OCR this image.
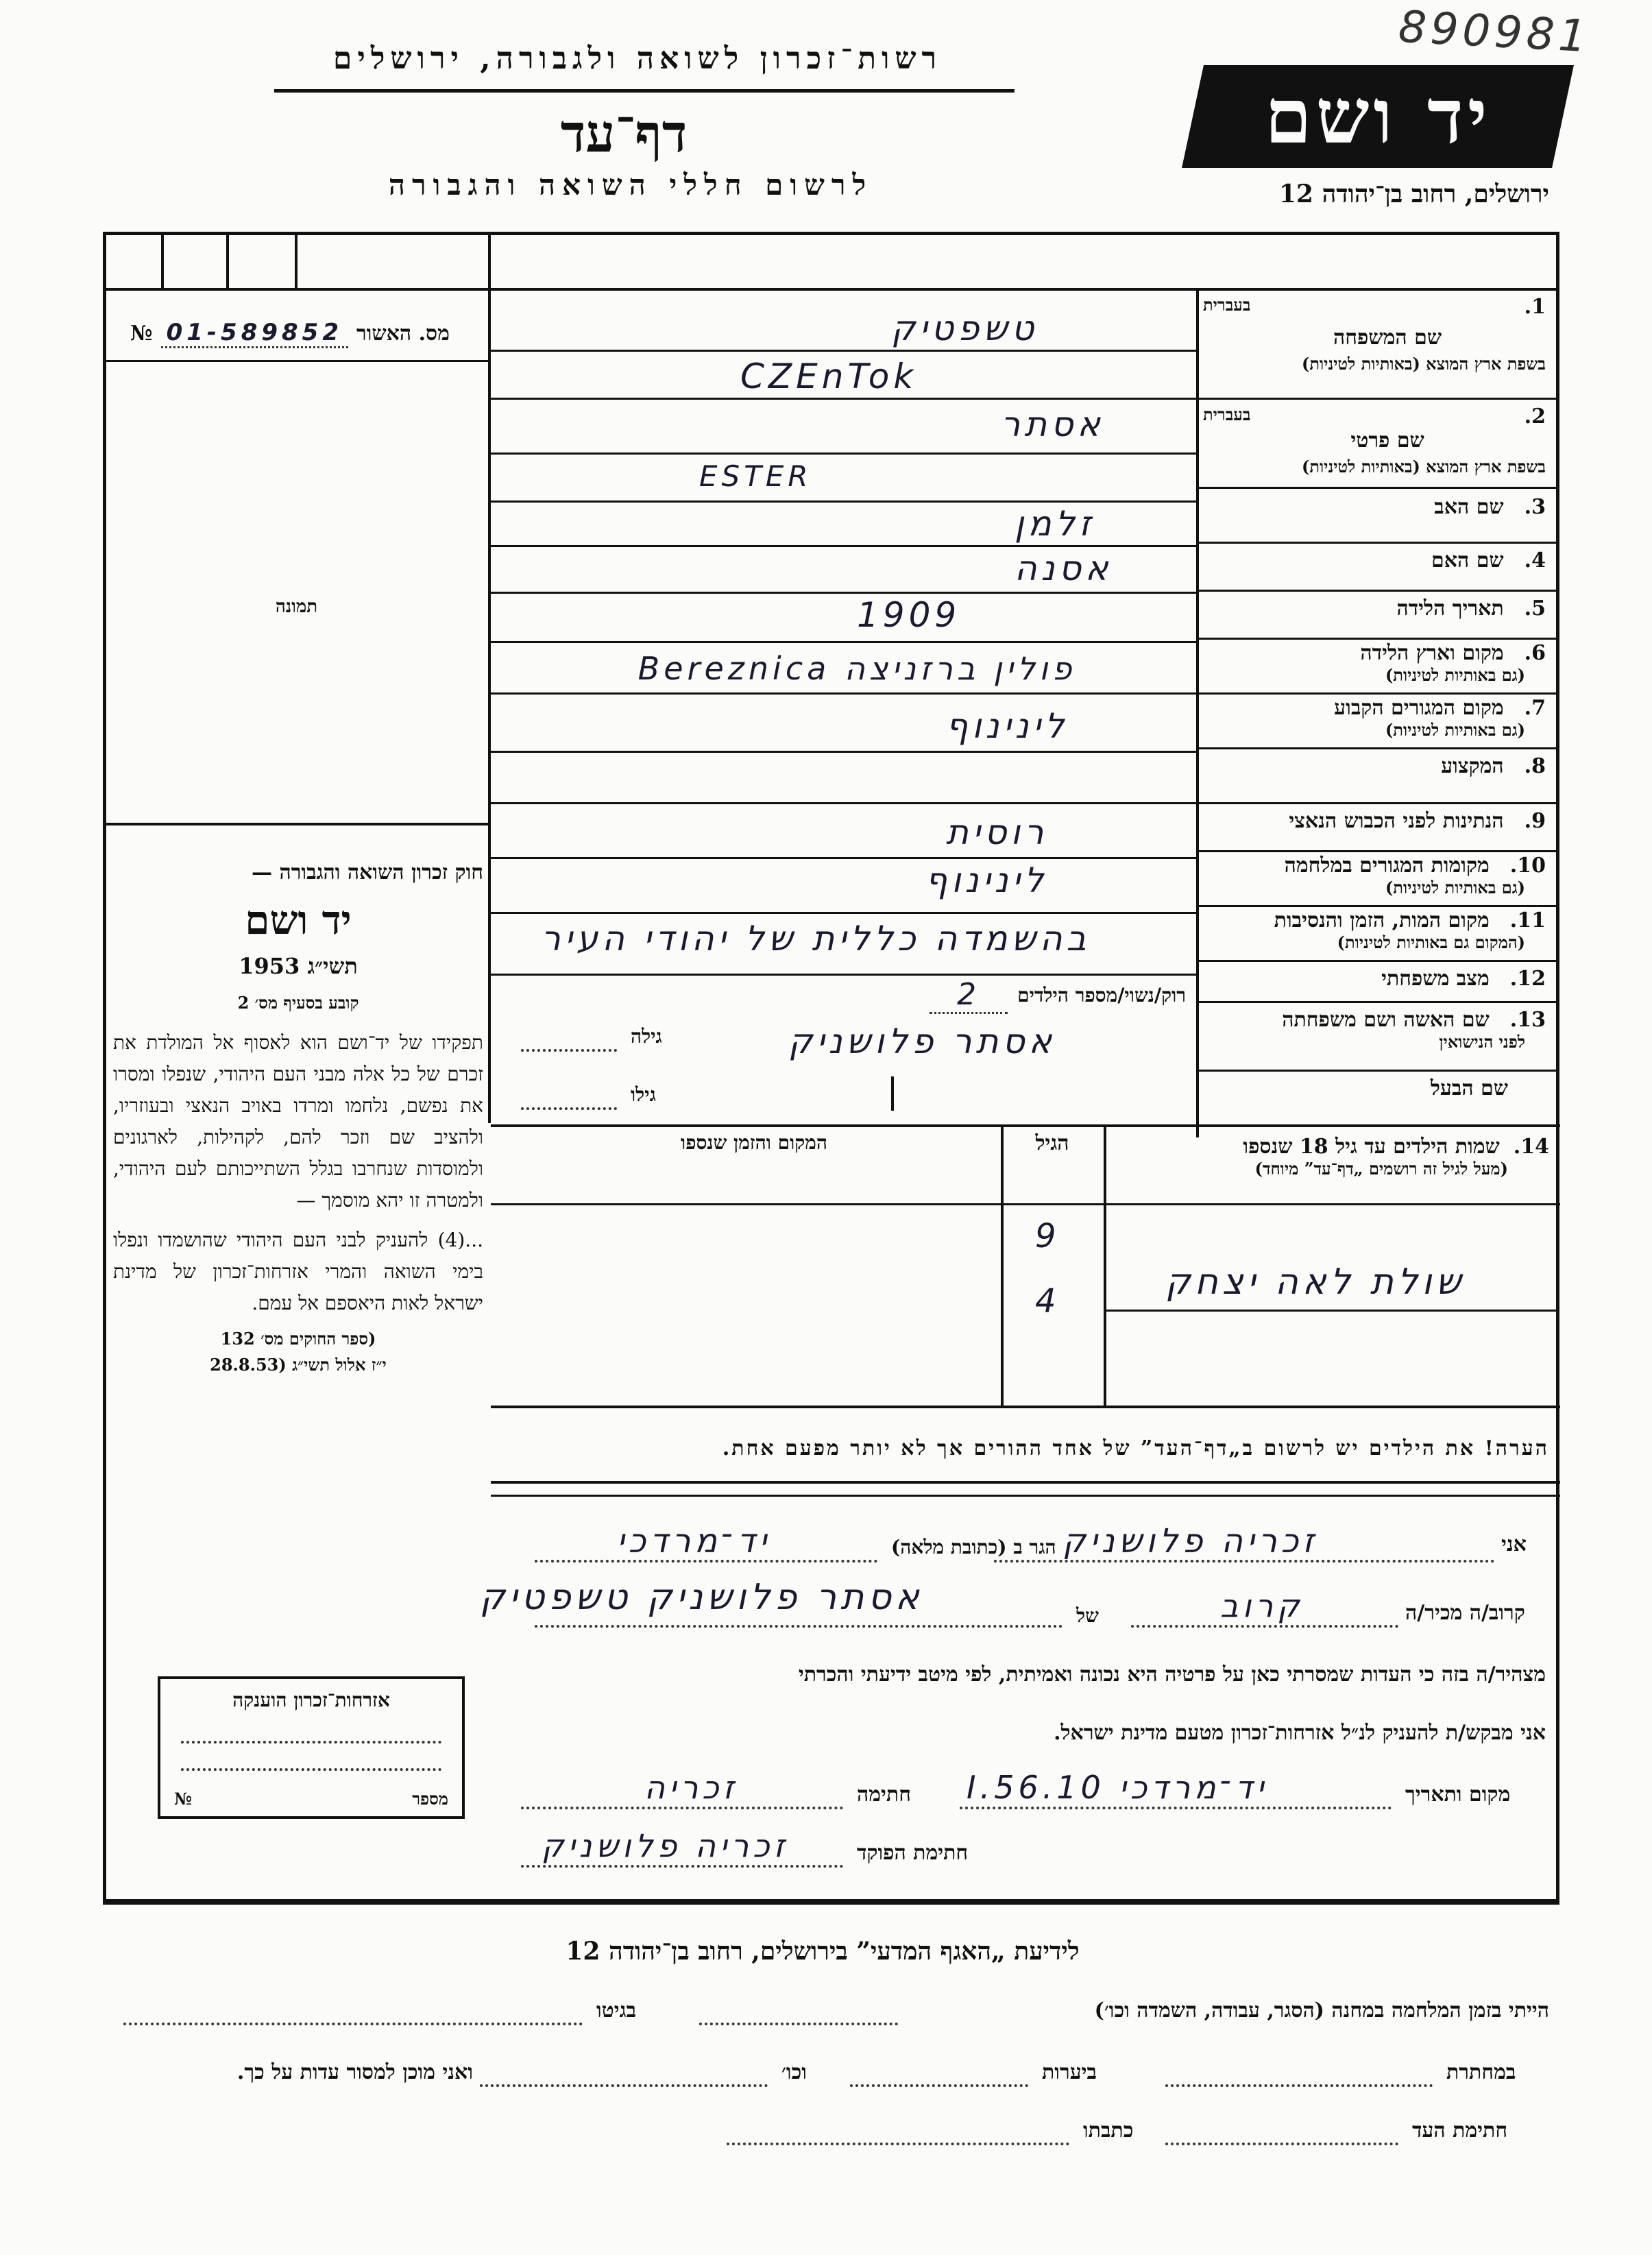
890981
רשות־זכרון לשואה ולגבורה, ירושלים
דף־עד
לרשום חללי השואה והגבורה
יד ושם
ירושלים, רחוב בן־יהודה 12
№ 01-589852 מס. האשור
תמונה
חוק זכרון השואה והגבורה —
יד ושם
תשי״ג 1953
קובע בסעיף מס׳ 2
תפקידו של יד־ושם הוא לאסוף אל המולדת את זכרם של כל אלה מבני העם היהודי, שנפלו ומסרו את נפשם, נלחמו ומרדו באויב הנאצי ובעוזריו, ולהציב שם וזכר להם, לקהילות, לארגונים ולמוסדות שנחרבו בגלל השתייכותם לעם היהודי, ולמטרה זו יהא מוסמך —
...(4) להעניק לבני העם היהודי שהושמדו ונפלו בימי השואה והמרי אזרחות־זכרון של מדינת ישראל לאות היאספם אל עמם.
(ספר החוקים מס׳ 132
י״ז אלול תשי״ג (28.8.53
1.
שם המשפחה
בעברית
בשפת ארץ המוצא (באותיות לטיניות)
טשפטיק
CZEnTok
2.
שם פרטי
בעברית
בשפת ארץ המוצא (באותיות לטיניות)
אסתר
ESTER
3.
שם האב
זלמן
4.
שם האם
אסנה
5.
תאריך הלידה
1909
6.
מקום וארץ הלידה
(גם באותיות לטיניות)
פולין ברזניצה Bereznica
7.
מקום המגורים הקבוע
(גם באותיות לטיניות)
לינינוף
8.
המקצוע
9.
הנתינות לפני הכבוש הנאצי
רוסית
10.
מקומות המגורים במלחמה
(גם באותיות לטיניות)
לינינוף
11.
מקום המות, הזמן והנסיבות
(המקום גם באותיות לטיניות)
בהשמדה כללית של יהודי העיר
12.
מצב משפחתי
רוק/נשוי/מספר הילדים
2
13.
שם האשה ושם משפחתה
לפני הנישואין
שם הבעל
אסתר פלושניק
גילה
גילו
14.
שמות הילדים עד גיל 18 שנספו
(מעל לגיל זה רושמים „דף־עד” מיוחד)
הגיל
המקום והזמן שנספו
9
4	שולת לאה יצחק
הערה! את הילדים יש לרשום ב„דף־העד” של אחד ההורים אך לא יותר מפעם אחת.
אני
זכריה פלושניק
הגר ב (כתובת מלאה)
יד־מרדכי
קרוב/ה מכיר/ה
קרוב
של
אסתר פלושניק טשפטיק
מצהיר/ה בזה כי העדות שמסרתי כאן על פרטיה היא נכונה ואמיתית, לפי מיטב ידיעתי והכרתי
אני מבקש/ת להעניק לנ״ל אזרחות־זכרון מטעם מדינת ישראל.
מקום ותאריך
יד־מרדכי 10.I.56
חתימה
זכריה
חתימת הפוקד
זכריה פלושניק
אזרחות־זכרון הוענקה
№	מספר
לידיעת „האגף המדעי” בירושלים, רחוב בן־יהודה 12
הייתי בזמן המלחמה במחנה (הסגר, עבודה, השמדה וכו׳)
בגיטו
במחתרת
ביערות
וכו׳
ואני מוכן למסור עדות על כך.
חתימת העד
כתבתו
